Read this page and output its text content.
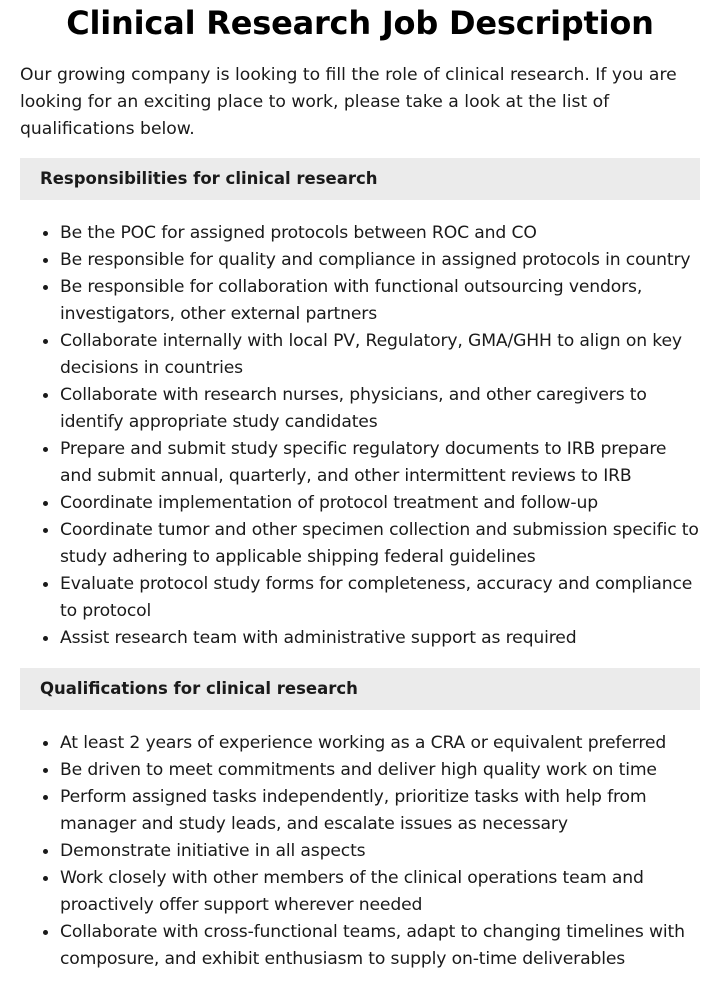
Clinical Research Job Description

Our growing company is looking to fill the role of clinical research. If you are looking for an exciting place to work, please take a look at the list of qualifications below.

Responsibilities for clinical research
Be the POC for assigned protocols between ROC and CO
Be responsible for quality and compliance in assigned protocols in country
Be responsible for collaboration with functional outsourcing vendors, investigators, other external partners
Collaborate internally with local PV, Regulatory, GMA/GHH to align on key decisions in countries
Collaborate with research nurses, physicians, and other caregivers to identify appropriate study candidates
Prepare and submit study specific regulatory documents to IRB prepare and submit annual, quarterly, and other intermittent reviews to IRB
Coordinate implementation of protocol treatment and follow-up
Coordinate tumor and other specimen collection and submission specific to study adhering to applicable shipping federal guidelines
Evaluate protocol study forms for completeness, accuracy and compliance to protocol
Assist research team with administrative support as required
Qualifications for clinical research
At least 2 years of experience working as a CRA or equivalent preferred
Be driven to meet commitments and deliver high quality work on time
Perform assigned tasks independently, prioritize tasks with help from manager and study leads, and escalate issues as necessary
Demonstrate initiative in all aspects
Work closely with other members of the clinical operations team and proactively offer support wherever needed
Collaborate with cross-functional teams, adapt to changing timelines with composure, and exhibit enthusiasm to supply on-time deliverables
